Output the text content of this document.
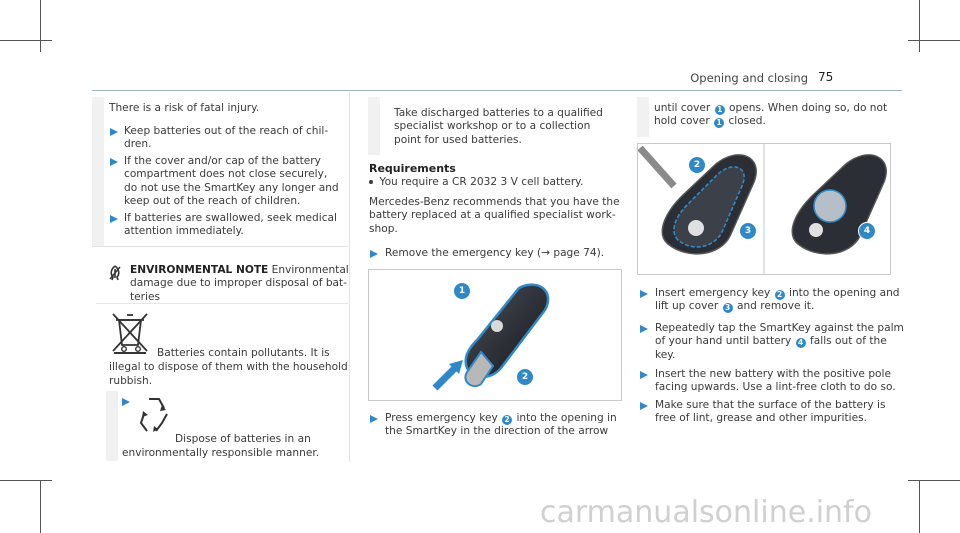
Opening and closing 75
There is a risk of fatal injury.
Keep batteries out of the reach of chil-
dren.
If the cover and/or cap of the battery
compartment does not close securely,
do not use the SmartKey any longer and
keep out of the reach of children.
If batteries are swallowed, seek medical
attention immediately.
ENVIRONMENTAL NOTE Environmental
damage due to improper disposal of bat-
teries
Batteries contain pollutants. It is
illegal to dispose of them with the household
rubbish.
Dispose of batteries in an
environmentally responsible manner.
Take discharged batteries to a qualified
specialist workshop or to a collection
point for used batteries.
Requirements
You require a CR 2032 3 V cell battery.
Mercedes-Benz recommends that you have the
battery replaced at a qualified specialist work-
shop.
Remove the emergency key (→ page 74).
1
2
Press emergency key 2 into the opening in
the SmartKey in the direction of the arrow
until cover 1 opens. When doing so, do not
hold cover 1 closed.
2
3	4
Insert emergency key 2 into the opening and
lift up cover 3 and remove it.
Repeatedly tap the SmartKey against the palm
of your hand until battery 4 falls out of the
key.
Insert the new battery with the positive pole
facing upwards. Use a lint-free cloth to do so.
Make sure that the surface of the battery is
free of lint, grease and other impurities.
carmanualsonline.info
